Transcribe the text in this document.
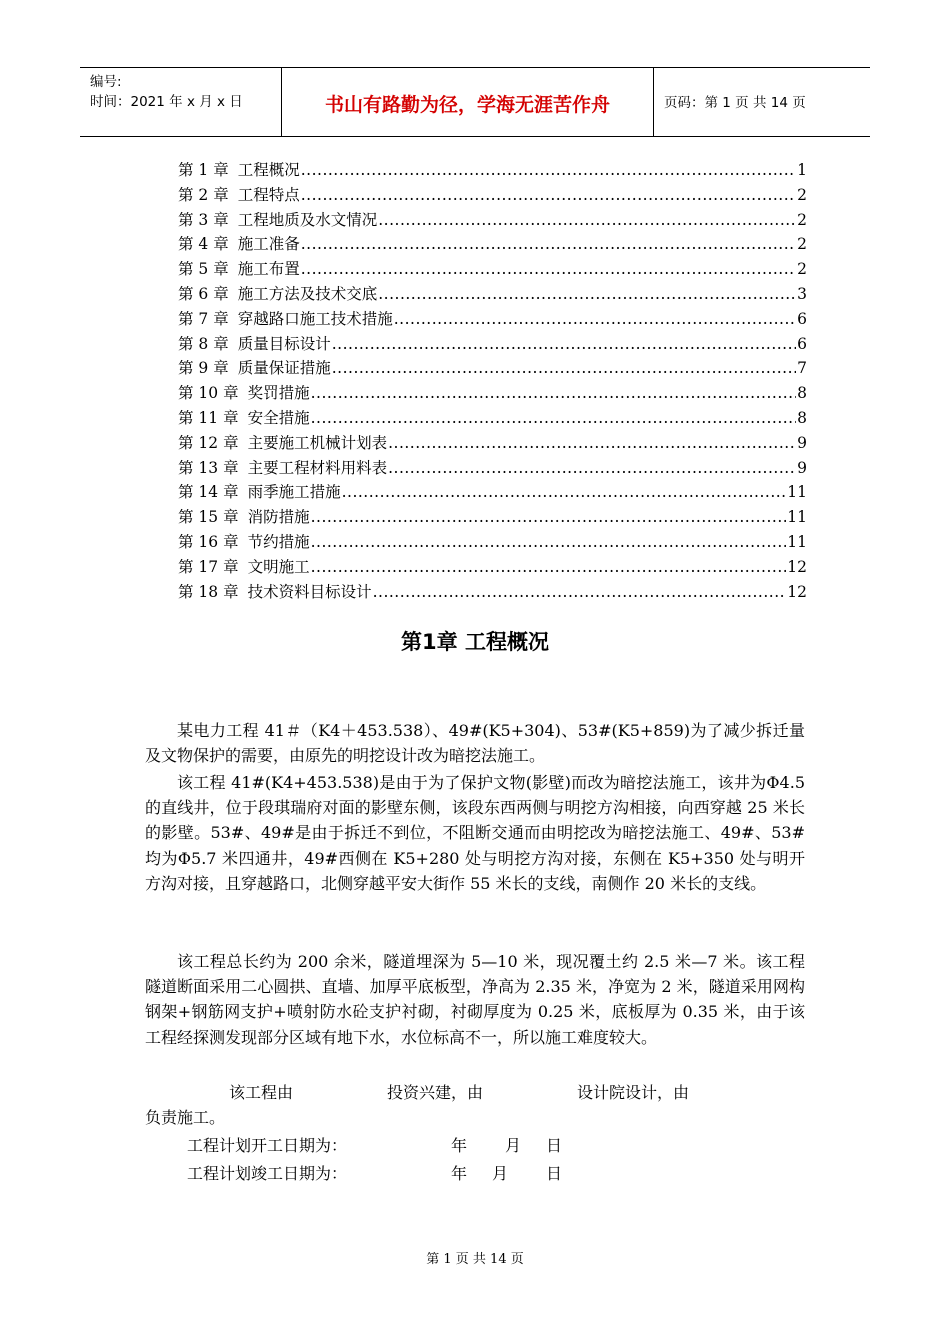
编号:
时间：2021 年 x 月 x 日	书山有路勤为径，学海无涯苦作舟	页码：第 1 页 共 14 页
第 1 章 工程概况 .....	1
第 2 章 工程特点 .....	2
第 3 章 工程地质及水文情况 .....	2
第 4 章 施工准备 .....	2
第 5 章 施工布置 .....	2
第 6 章 施工方法及技术交底 .....	3
第 7 章 穿越路口施工技术措施 .....	6
第 8 章 质量目标设计 .....	6
第 9 章 质量保证措施 .....	7
第 10 章 奖罚措施 .....	8
第 11 章 安全措施 .....	8
第 12 章 主要施工机械计划表 .....	9
第 13 章 主要工程材料用料表 .....	9
第 14 章 雨季施工措施 .....	11
第 15 章 消防措施 .....	11
第 16 章 节约措施 .....	11
第 17 章 文明施工 .....	12
第 18 章 技术资料目标设计 .....	12
第1章 工程概况
某电力工程 41＃（K4＋453.538）、49#(K5+304)、53#(K5+859)为了减少拆迁量及文物保护的需要，由原先的明挖设计改为暗挖法施工。
该工程 41#(K4+453.538)是由于为了保护文物(影壁)而改为暗挖法施工，该井为Φ4.5 的直线井，位于段琪瑞府对面的影壁东侧，该段东西两侧与明挖方沟相接，向西穿越 25 米长的影壁。53#、49#是由于拆迁不到位，不阻断交通而由明挖改为暗挖法施工、49#、53#均为Φ5.7 米四通井，49#西侧在 K5+280 处与明挖方沟对接，东侧在 K5+350 处与明开方沟对接，且穿越路口，北侧穿越平安大街作 55 米长的支线，南侧作 20 米长的支线。
该工程总长约为 200 余米，隧道埋深为 5—10 米，现况覆土约 2.5 米—7 米。该工程隧道断面采用二心圆拱、直墙、加厚平底板型，净高为 2.35 米，净宽为 2 米，隧道采用网构钢架+钢筋网支护+喷射防水砼支护衬砌，衬砌厚度为 0.25 米，底板厚为 0.35 米，由于该工程经探测发现部分区域有地下水，水位标高不一，所以施工难度较大。
该工程由	投资兴建，由	设计院设计，由
负责施工。
工程计划开工日期为：	年 月 日
工程计划竣工日期为：	年 月 日
第 1 页 共 14 页
